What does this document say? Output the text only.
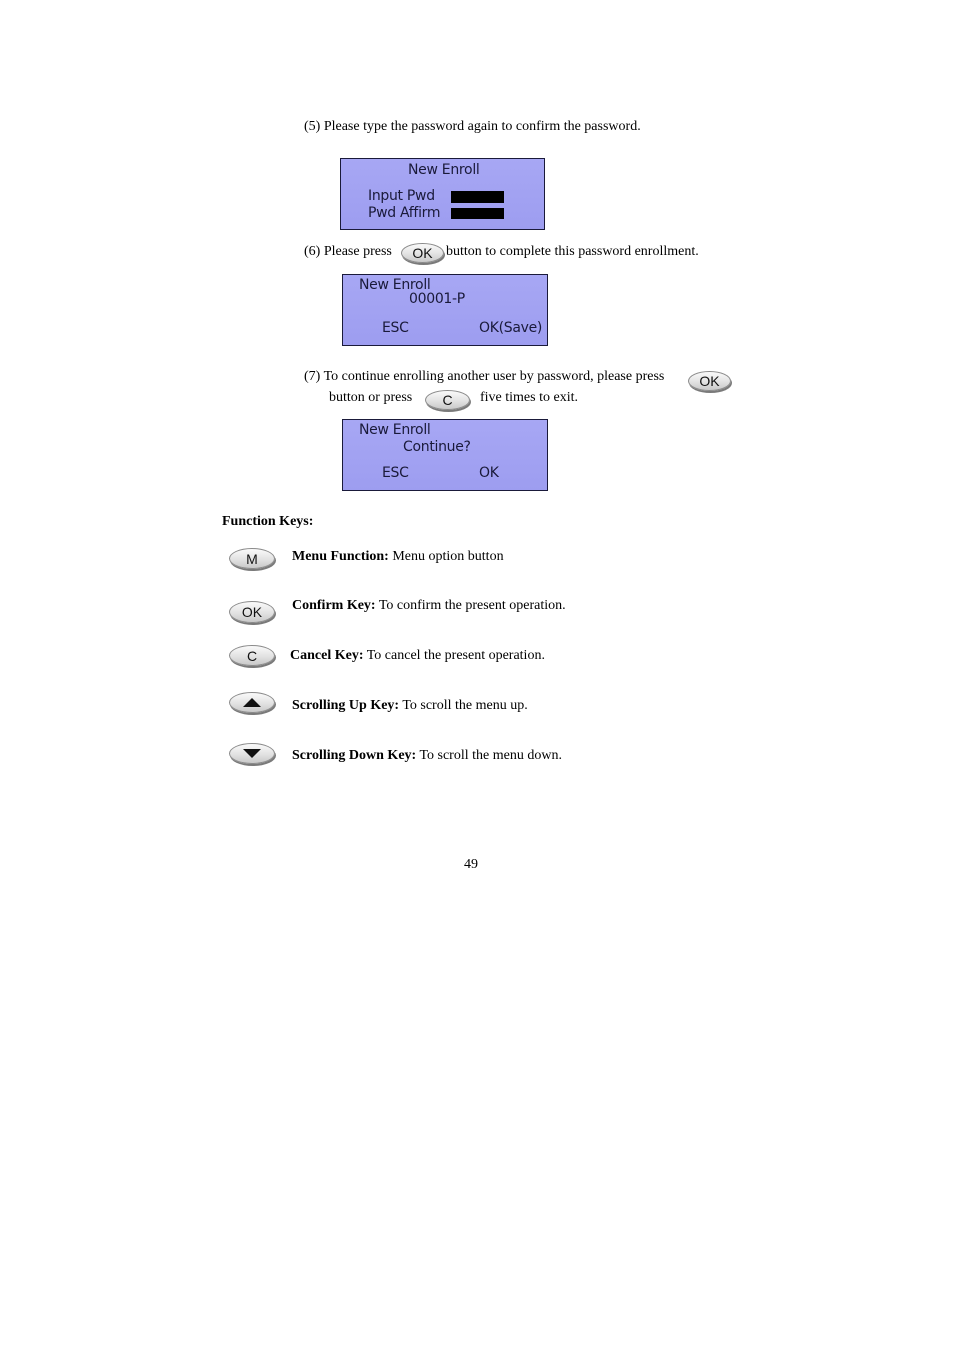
(5) Please type the password again to confirm the password.
New Enroll
Input Pwd
Pwd Affirm
(6) Please press	OK button to complete this password enrollment.
New Enroll
00001-P
ESC	OK(Save)
(7) To continue enrolling another user by password, please press	OK
button or press	C	five times to exit.
New Enroll
Continue?
ESC	OK
Function Keys:
M	Menu Function: Menu option button
OK	Confirm Key: To confirm the present operation.
C	Cancel Key: To cancel the present operation.
Scrolling Up Key: To scroll the menu up.
Scrolling Down Key: To scroll the menu down.
49
